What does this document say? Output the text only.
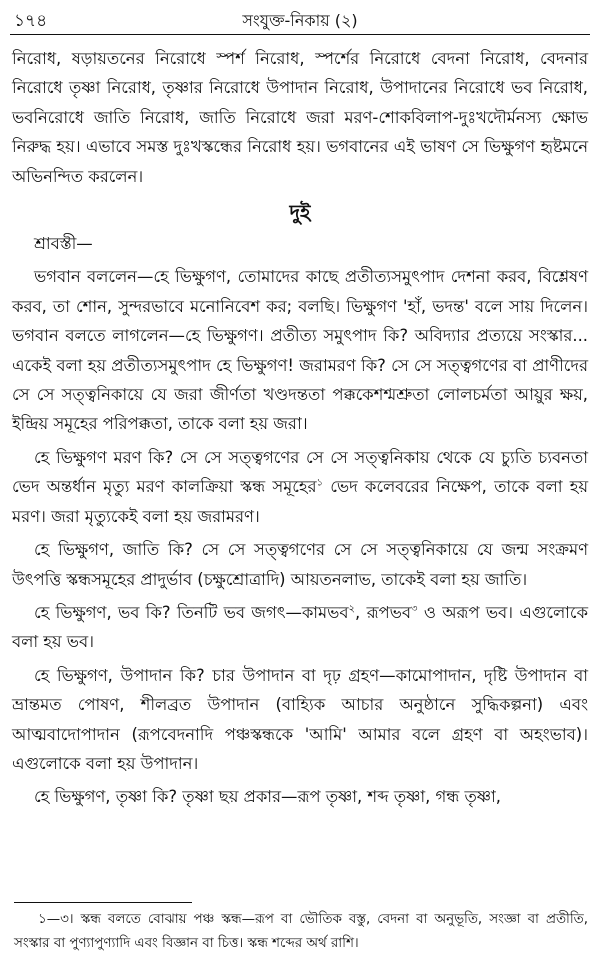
১৭৪	সংযুক্ত-নিকায় (২)

নিরোধ, ষড়ায়তনের নিরোধে স্পর্শ নিরোধ, স্পর্শের নিরোধে বেদনা নিরোধ, বেদনার নিরোধে তৃষ্ণা নিরোধ, তৃষ্ণার নিরোধে উপাদান নিরোধ, উপাদানের নিরোধে ভব নিরোধ, ভবনিরোধে জাতি নিরোধ, জাতি নিরোধে জরা মরণ-শোকবিলাপ-দুঃখদৌর্মনস্য ক্ষোভ নিরুদ্ধ হয়। এভাবে সমস্ত দুঃখস্কন্ধের নিরোধ হয়। ভগবানের এই ভাষণ সে ভিক্ষুগণ হৃষ্টমনে অভিনন্দিত করলেন।

দুই

শ্রাবস্তী—

ভগবান বললেন—হে ভিক্ষুগণ, তোমাদের কাছে প্রতীত্যসমুৎপাদ দেশনা করব, বিশ্লেষণ করব, তা শোন, সুন্দরভাবে মনোনিবেশ কর; বলছি। ভিক্ষুগণ 'হাঁ, ভদন্ত' বলে সায় দিলেন। ভগবান বলতে লাগলেন—হে ভিক্ষুগণ। প্রতীত্য সমুৎপাদ কি? অবিদ্যার প্রত্যয়ে সংস্কার... একেই বলা হয় প্রতীত্যসমুৎপাদ হে ভিক্ষুগণ! জরামরণ কি? সে সে সত্ত্বগণের বা প্রাণীদের সে সে সত্ত্বনিকায়ে যে জরা জীর্ণতা খণ্ডদন্ততা পক্ককেশশ্মশ্রুতা লোলচর্মতা আয়ুর ক্ষয়, ইন্দ্রিয় সমূহের পরিপক্কতা, তাকে বলা হয় জরা।

হে ভিক্ষুগণ মরণ কি? সে সে সত্ত্বগণের সে সে সত্ত্বনিকায় থেকে যে চ্যুতি চ্যবনতা ভেদ অন্তর্ধান মৃত্যু মরণ কালক্রিয়া স্কন্ধ সমূহের$^১$ ভেদ কলেবরের নিক্ষেপ, তাকে বলা হয় মরণ। জরা মৃত্যুকেই বলা হয় জরামরণ।

হে ভিক্ষুগণ, জাতি কি? সে সে সত্ত্বগণের সে সে সত্ত্বনিকায়ে যে জন্ম সংক্রমণ উৎপত্তি স্কন্ধসমূহের প্রাদুর্ভাব (চক্ষুশ্রোত্রাদি) আয়তনলাভ, তাকেই বলা হয় জাতি।

হে ভিক্ষুগণ, ভব কি? তিনটি ভব জগৎ—কামভব$^২$, রূপভব$^৩$ ও অরূপ ভব। এগুলোকে বলা হয় ভব।

হে ভিক্ষুগণ, উপাদান কি? চার উপাদান বা দৃঢ় গ্রহণ—কামোপাদান, দৃষ্টি উপাদান বা ভ্রান্তমত পোষণ, শীলব্রত উপাদান (বাহ্যিক আচার অনুষ্ঠানে সুদ্ধিকল্পনা) এবং আত্মবাদোপাদান (রূপবেদনাদি পঞ্চস্কন্ধকে 'আমি' আমার বলে গ্রহণ বা অহংভাব)। এগুলোকে বলা হয় উপাদান।

হে ভিক্ষুগণ, তৃষ্ণা কি? তৃষ্ণা ছয় প্রকার—রূপ তৃষ্ণা, শব্দ তৃষ্ণা, গন্ধ তৃষ্ণা,

১—৩। স্কন্ধ বলতে বোঝায় পঞ্চ স্কন্ধ—রূপ বা ভৌতিক বস্তু, বেদনা বা অনুভূতি, সংজ্ঞা বা প্রতীতি, সংস্কার বা পুণ্যাপুণ্যাদি এবং বিজ্ঞান বা চিত্ত। স্কন্ধ শব্দের অর্থ রাশি।
